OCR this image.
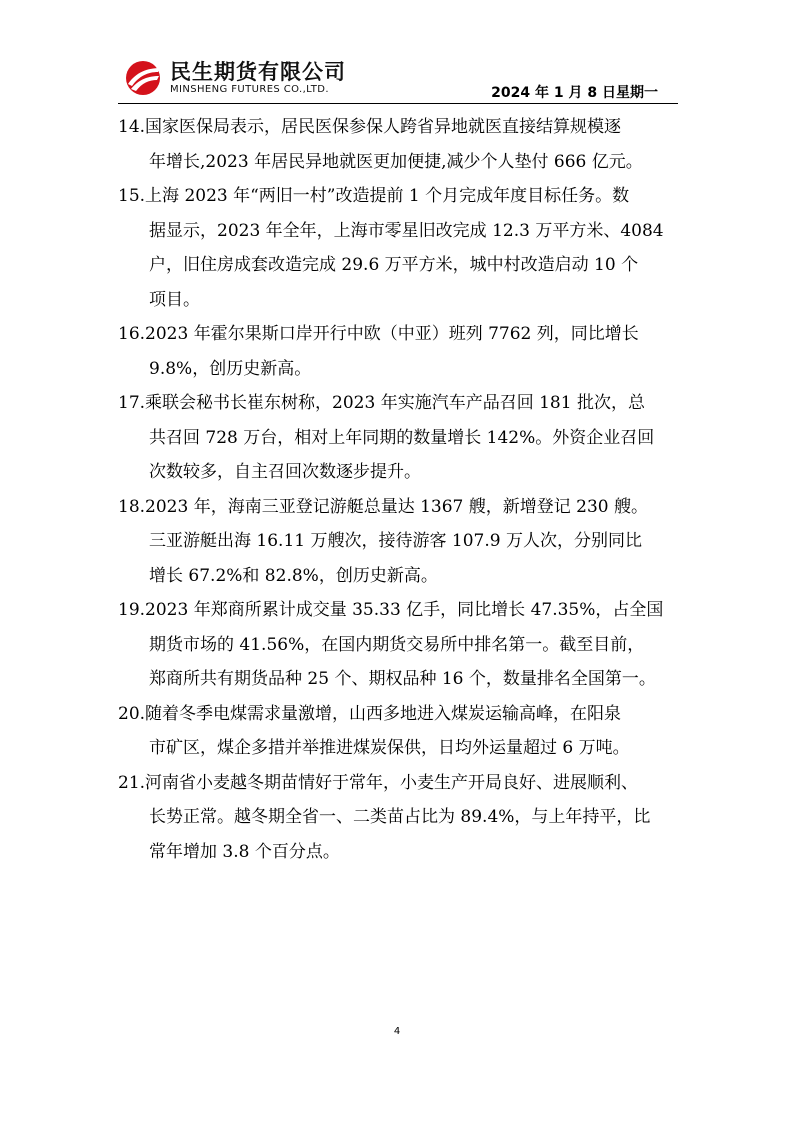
民生期货有限公司
MINSHENG FUTURES CO.,LTD.	2024 年 1 月 8 日星期一
14.国家医保局表示，居民医保参保人跨省异地就医直接结算规模逐
年增长,2023 年居民异地就医更加便捷,减少个人垫付 666 亿元。
15.上海 2023 年“两旧一村”改造提前 1 个月完成年度目标任务。数
据显示，2023 年全年，上海市零星旧改完成 12.3 万平方米、4084
户，旧住房成套改造完成 29.6 万平方米，城中村改造启动 10 个
项目。
16.2023 年霍尔果斯口岸开行中欧（中亚）班列 7762 列，同比增长
9.8%，创历史新高。
17.乘联会秘书长崔东树称，2023 年实施汽车产品召回 181 批次，总
共召回 728 万台，相对上年同期的数量增长 142%。外资企业召回
次数较多，自主召回次数逐步提升。
18.2023 年，海南三亚登记游艇总量达 1367 艘，新增登记 230 艘。
三亚游艇出海 16.11 万艘次，接待游客 107.9 万人次，分别同比
增长 67.2%和 82.8%，创历史新高。
19.2023 年郑商所累计成交量 35.33 亿手，同比增长 47.35%，占全国
期货市场的 41.56%，在国内期货交易所中排名第一。截至目前，
郑商所共有期货品种 25 个、期权品种 16 个，数量排名全国第一。
20.随着冬季电煤需求量激增，山西多地进入煤炭运输高峰，在阳泉
市矿区，煤企多措并举推进煤炭保供，日均外运量超过 6 万吨。
21.河南省小麦越冬期苗情好于常年，小麦生产开局良好、进展顺利、
长势正常。越冬期全省一、二类苗占比为 89.4%，与上年持平，比
常年增加 3.8 个百分点。
4
